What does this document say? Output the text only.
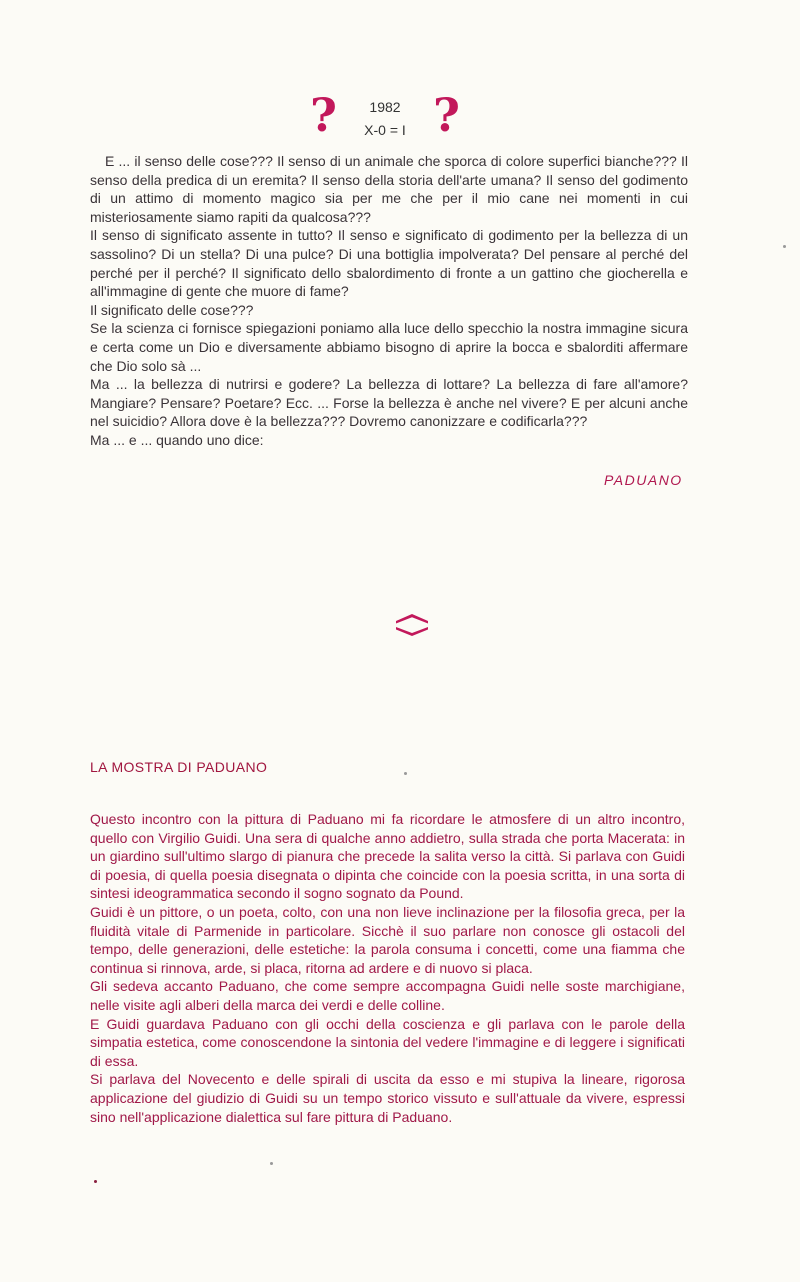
?	1982
X-0 = I ?

E ... il senso delle cose??? Il senso di un animale che sporca di colore superfici bianche??? Il senso della predica di un eremita? Il senso della storia dell'arte umana? Il senso del godimento di un attimo di momento magico sia per me che per il mio cane nei momenti in cui misteriosamente siamo rapiti da qualcosa???

Il senso di significato assente in tutto? Il senso e significato di godimento per la bellezza di un sassolino? Di un stella? Di una pulce? Di una bottiglia impolverata? Del pensare al perché del perché per il perché? Il significato dello sbalordimento di fronte a un gattino che giocherella e all'immagine di gente che muore di fame?

Il significato delle cose???

Se la scienza ci fornisce spiegazioni poniamo alla luce dello specchio la nostra immagine sicura e certa come un Dio e diversamente abbiamo bisogno di aprire la bocca e sbalorditi affermare che Dio solo sà ...

Ma ... la bellezza di nutrirsi e godere? La bellezza di lottare? La bellezza di fare all'amore? Mangiare? Pensare? Poetare? Ecc. ... Forse la bellezza è anche nel vivere? E per alcuni anche nel suicidio? Allora dove è la bellezza??? Dovremo canonizzare e codificarla???

Ma ... e ... quando uno dice:

PADUANO
LA MOSTRA DI PADUANO

Questo incontro con la pittura di Paduano mi fa ricordare le atmosfere di un altro incontro, quello con Virgilio Guidi. Una sera di qualche anno addietro, sulla strada che porta Macerata: in un giardino sull'ultimo slargo di pianura che precede la salita verso la città. Si parlava con Guidi di poesia, di quella poesia disegnata o dipinta che coincide con la poesia scritta, in una sorta di sintesi ideogrammatica secondo il sogno sognato da Pound.

Guidi è un pittore, o un poeta, colto, con una non lieve inclinazione per la filosofia greca, per la fluidità vitale di Parmenide in particolare. Sicchè il suo parlare non conosce gli ostacoli del tempo, delle generazioni, delle estetiche: la parola consuma i concetti, come una fiamma che continua si rinnova, arde, si placa, ritorna ad ardere e di nuovo si placa.

Gli sedeva accanto Paduano, che come sempre accompagna Guidi nelle soste marchigiane, nelle visite agli alberi della marca dei verdi e delle colline.

E Guidi guardava Paduano con gli occhi della coscienza e gli parlava con le parole della simpatia estetica, come conoscendone la sintonia del vedere l'immagine e di leggere i significati di essa.

Si parlava del Novecento e delle spirali di uscita da esso e mi stupiva la lineare, rigorosa applicazione del giudizio di Guidi su un tempo storico vissuto e sull'attuale da vivere, espressi sino nell'applicazione dialettica sul fare pittura di Paduano.
